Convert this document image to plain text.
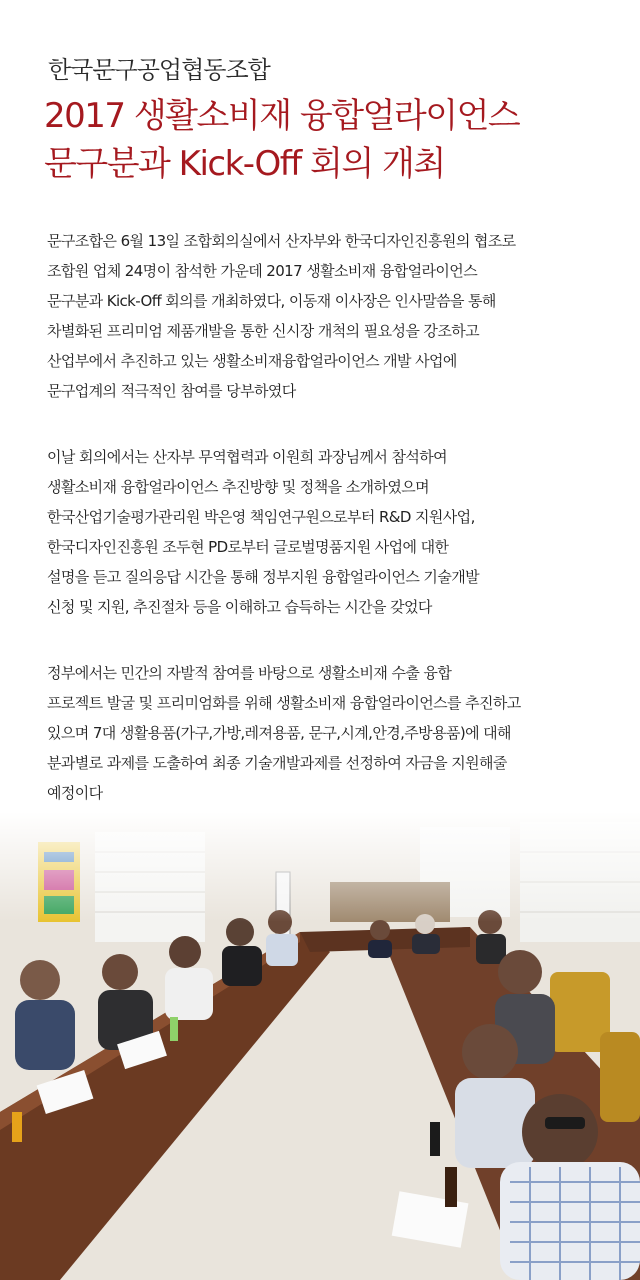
한국문구공업협동조합
2017 생활소비재 융합얼라이언스
문구분과 Kick-Off 회의 개최

문구조합은 6월 13일 조합회의실에서 산자부와 한국디자인진흥원의 협조로
조합원 업체 24명이 참석한 가운데 2017 생활소비재 융합얼라이언스
문구분과 Kick-Off 회의를 개최하였다, 이동재 이사장은 인사말씀을 통해
차별화된 프리미엄 제품개발을 통한 신시장 개척의 필요성을 강조하고
산업부에서 추진하고 있는 생활소비재융합얼라이언스 개발 사업에
문구업계의 적극적인 참여를 당부하였다

이날 회의에서는 산자부 무역협력과 이원희 과장님께서 참석하여
생활소비재 융합얼라이언스 추진방향 및 정책을 소개하였으며
한국산업기술평가관리원 박은영 책임연구원으로부터 R&D 지원사업,
한국디자인진흥원 조두현 PD로부터 글로벌명품지원 사업에 대한
설명을 듣고 질의응답 시간을 통해 정부지원 융합얼라이언스 기술개발
신청 및 지원, 추진절차 등을 이해하고 습득하는 시간을 갖었다

정부에서는 민간의 자발적 참여를 바탕으로 생활소비재 수출 융합
프로젝트 발굴 및 프리미엄화를 위해 생활소비재 융합얼라이언스를 추진하고
있으며 7대 생활용품(가구,가방,레져용품, 문구,시계,안경,주방용품)에 대해
분과별로 과제를 도출하여 최종 기술개발과제를 선정하여 자금을 지원해줄
예정이다
